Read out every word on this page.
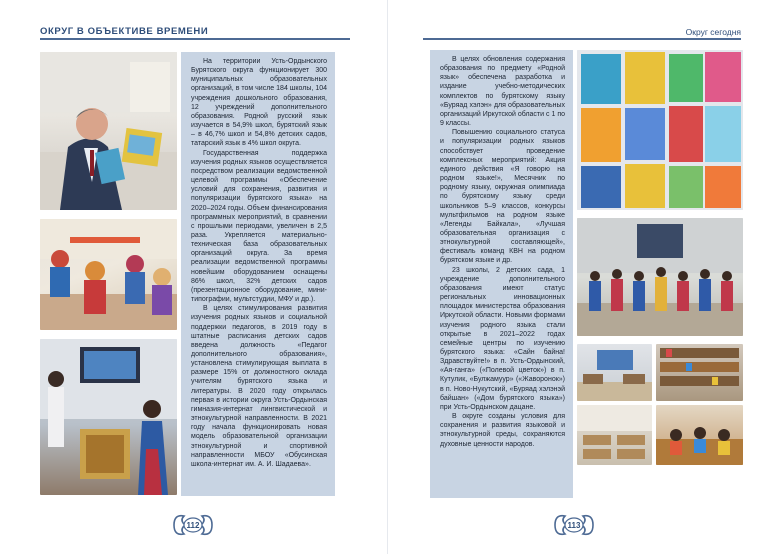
ОКРУГ В ОБЪЕКТИВЕ ВРЕМЕНИ

На территории Усть-Ордынского Бурятского округа функционирует 300 муниципальных образовательных организаций, в том числе 184 школы, 104 учреждения дошкольного образования, 12 учреждений дополнительного образования. Родной русский язык изучается в 54,9% школ, бурятский язык – в 46,7% школ и 54,8% детских садов, татарский язык в 4% школ округа.

Государственная поддержка изучения родных языков осуществляется посредством реализации ведомственной целевой программы «Обеспечение условий для сохранения, развития и популяризации бурятского языка» на 2020–2024 годы. Объем финансирования программных мероприятий, в сравнении с прошлыми периодами, увеличен в 2,5 раза. Укрепляется материально-техническая база образовательных организаций округа. За время реализации ведомственной программы новейшим оборудованием оснащены 86% школ, 32% детских садов (презентационное оборудование, мини-типографии, мультстудии, МФУ и др.).

В целях стимулирования развития изучения родных языков и социальной поддержки педагогов, в 2019 году в штатные расписания детских садов введена должность «Педагог дополнительного образования», установлена стимулирующая выплата в размере 15% от должностного оклада учителям бурятского языка и литературы. В 2020 году открылась первая в истории округа Усть-Ордынская гимназия-интернат лингвистической и этнокультурной направленности. В 2021 году начала функционировать новая модель образовательной организации этнокультурной и спортивной направленности МБОУ «Обусинская школа-интернат им. А. И. Шадаева».

112
Округ сегодня

В целях обновления содержания образования по предмету «Родной язык» обеспечена разработка и издание учебно-методических комплектов по бурятскому языку «Буряад хэлэн» для образовательных организаций Иркутской области с 1 по 9 классы.

Повышению социального статуса и популяризации родных языков способствует проведение комплексных мероприятий: Акция единого действия «Я говорю на родном языке!», Месячник по родному языку, окружная олимпиада по бурятскому языку среди школьников 5–9 классов, конкурсы мультфильмов на родном языке «Легенды Байкала», «Лучшая образовательная организация с этнокультурной составляющей», фестиваль команд КВН на родном бурятском языке и др.

23 школы, 2 детских сада, 1 учреждение дополнительного образования имеют статус региональных инновационных площадок министерства образования Иркутской области. Новыми формами изучения родного языка стали открытые в 2021–2022 годах семейные центры по изучению бурятского языка: «Сайн байна! Здравствуйте!» в п. Усть-Ордынский, «Ая-ганга» («Полевой цветок») в п. Кутулик, «Булжамуур» («Жаворонок») в п. Ново-Нукутский, «Буряад хэлэнэй байшан» («Дом бурятского языка») при Усть-Ордынском дацане.

В округе созданы условия для сохранения и развития языковой и этнокультурной среды, сохраняются духовные ценности народов.

113
